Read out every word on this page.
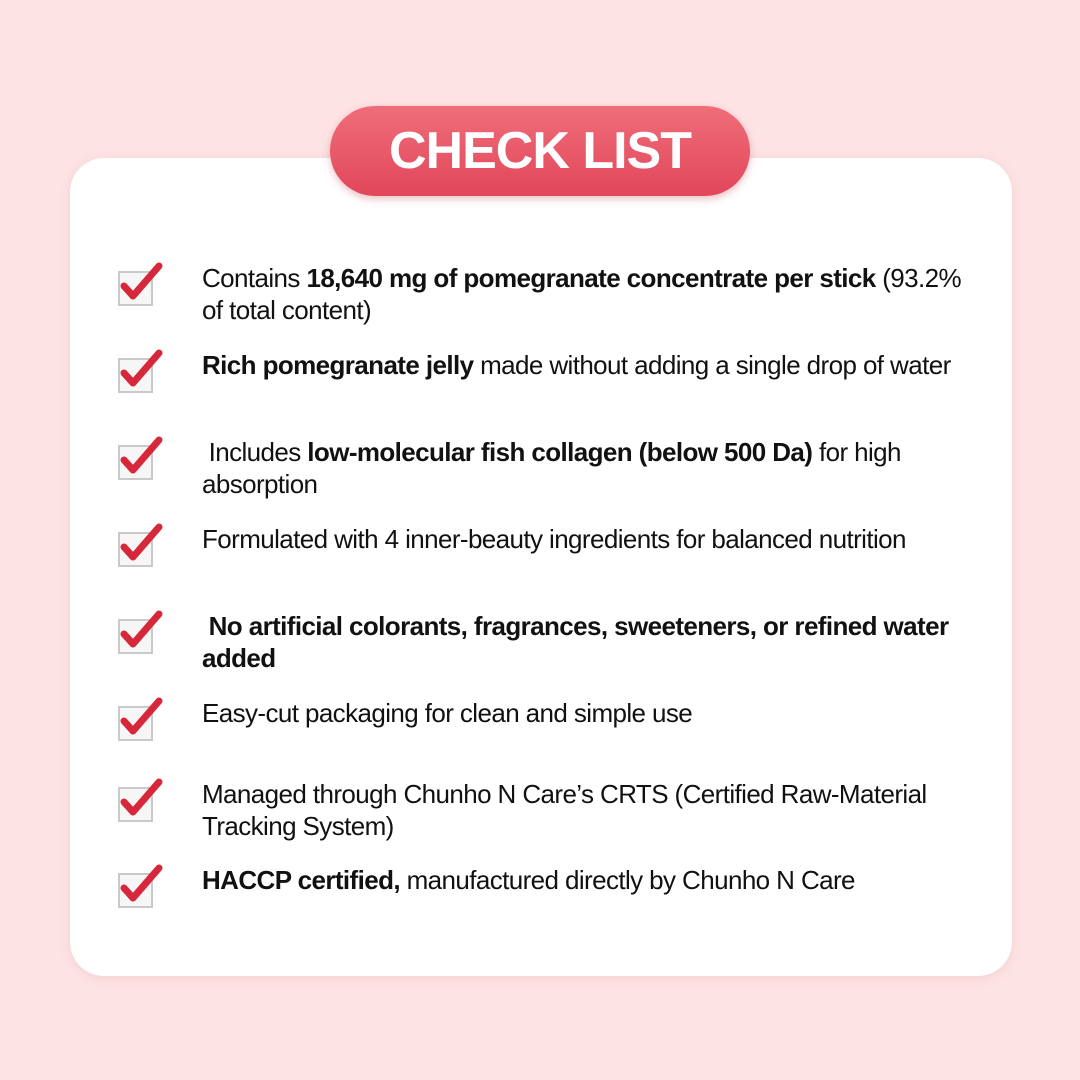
CHECK LIST
Contains 18,640 mg of pomegranate concentrate per stick (93.2% of total content)
Rich pomegranate jelly made without adding a single drop of water
Includes low-molecular fish collagen (below 500 Da) for high absorption
Formulated with 4 inner-beauty ingredients for balanced nutrition
No artificial colorants, fragrances, sweeteners, or refined water added
Easy-cut packaging for clean and simple use
Managed through Chunho N Care’s CRTS (Certified Raw-Material Tracking System)
HACCP certified, manufactured directly by Chunho N Care
